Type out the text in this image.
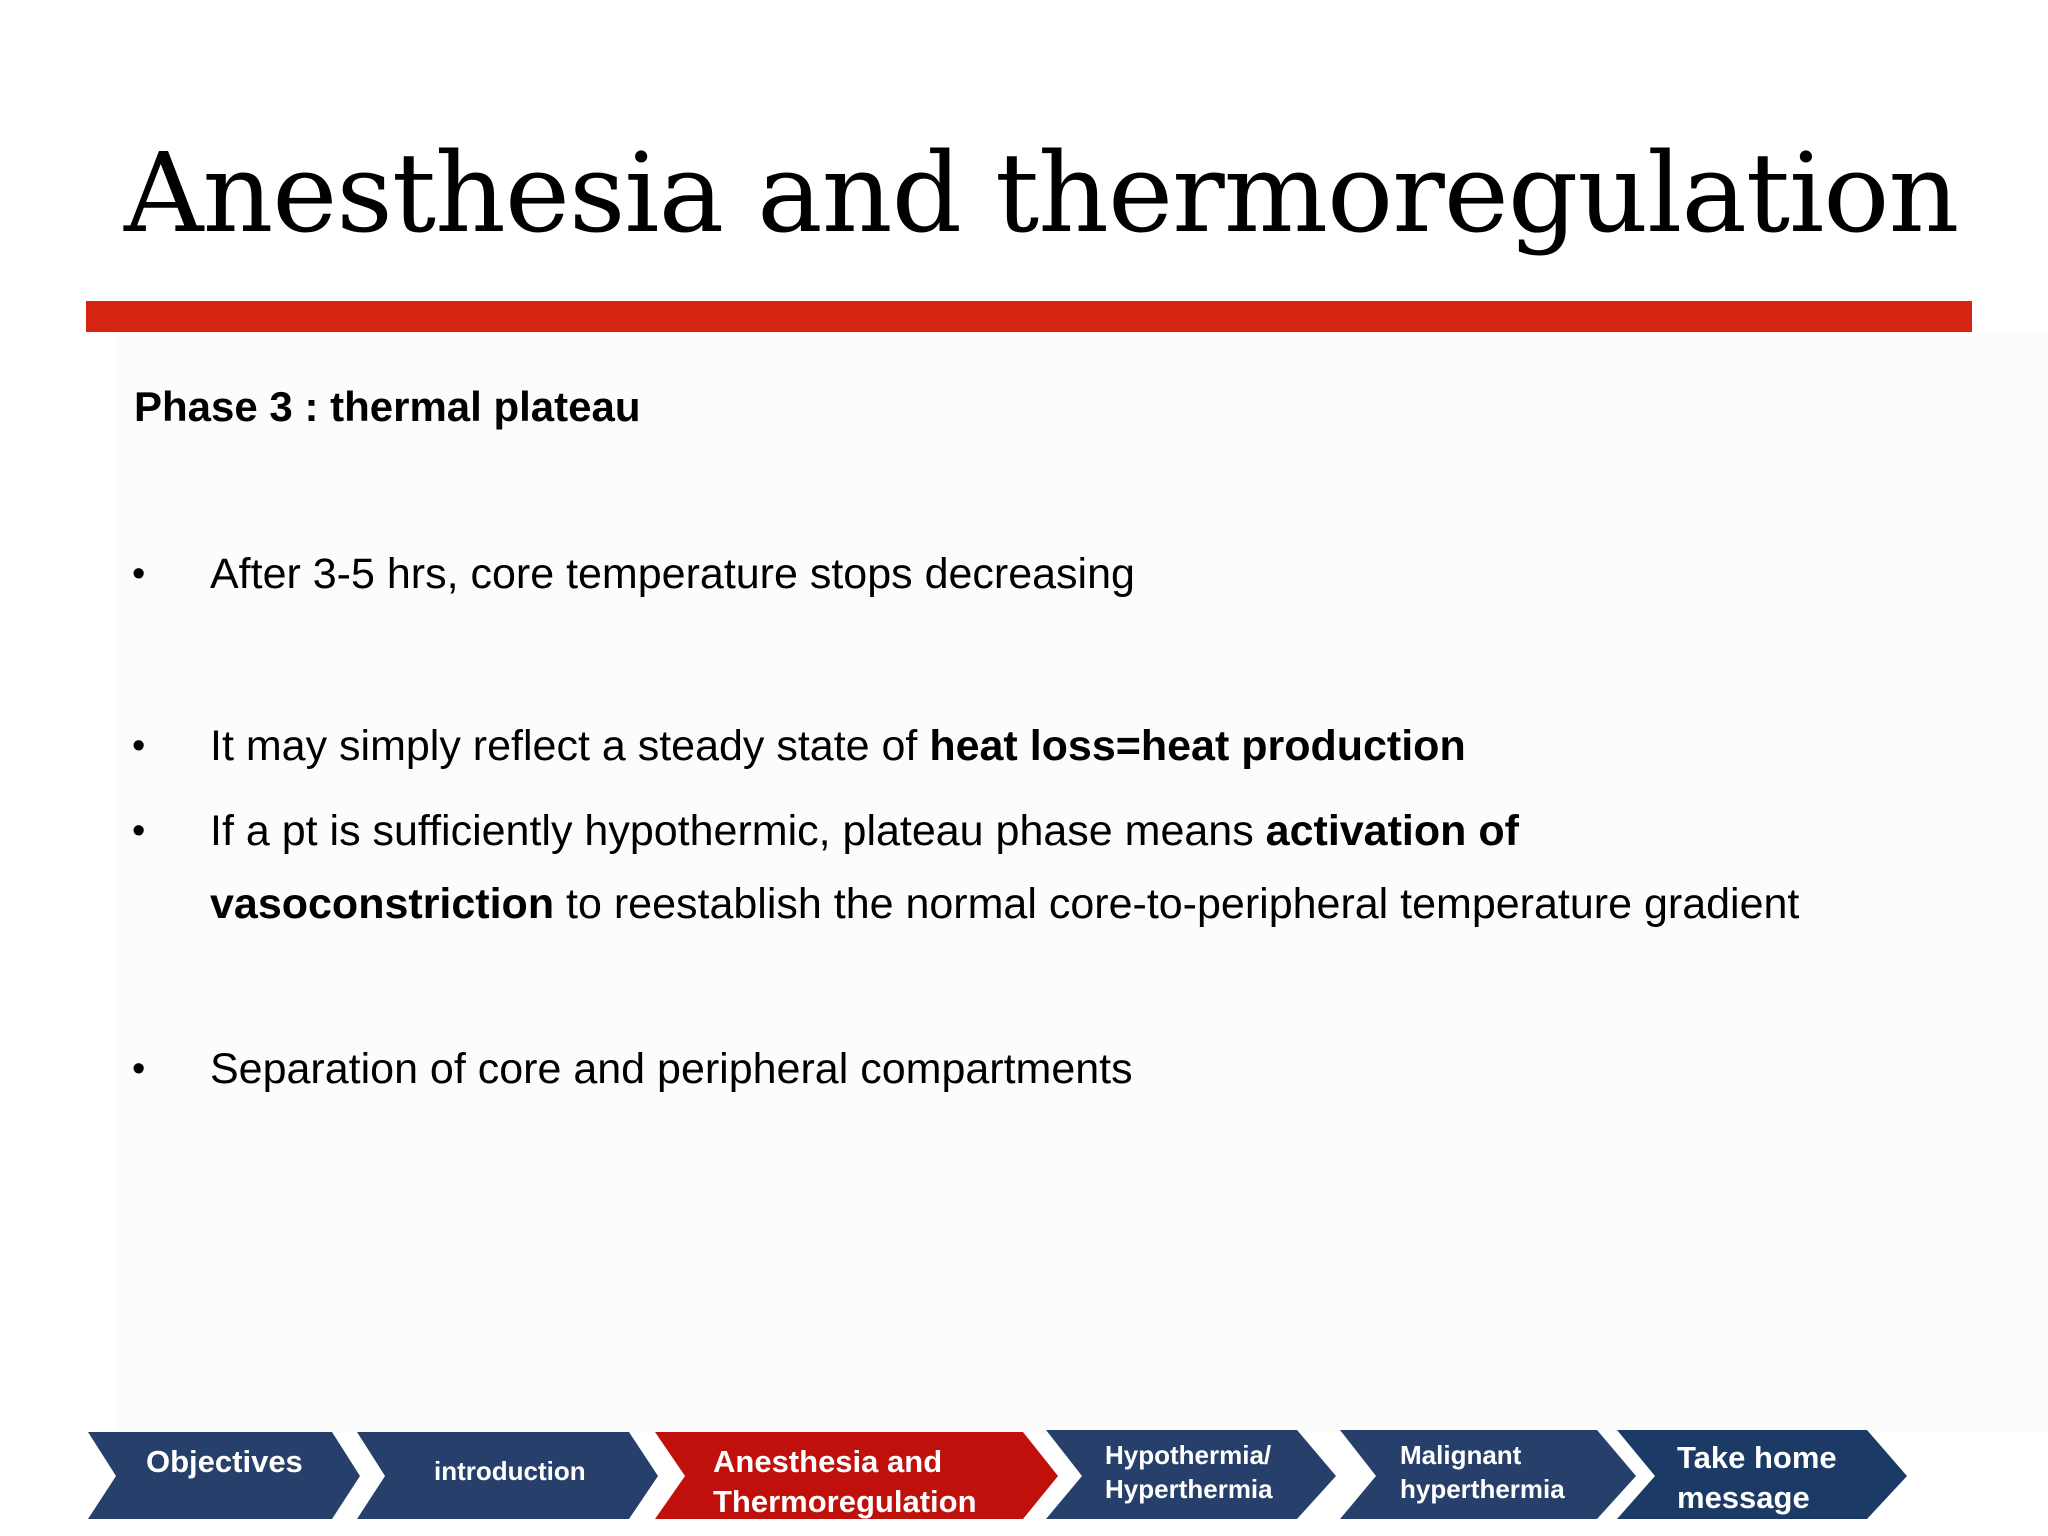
Anesthesia and thermoregulation
Phase 3 : thermal plateau
• After 3-5 hrs, core temperature stops decreasing
• It may simply reflect a steady state of heat loss=heat production
• If a pt is sufficiently hypothermic, plateau phase means activation of vasoconstriction to reestablish the normal core-to-peripheral temperature gradient
• Separation of core and peripheral compartments
Objectives	introduction	Anesthesia and
Thermoregulation
Hypothermia/
Hyperthermia
Malignant
hyperthermia
Take home
message
